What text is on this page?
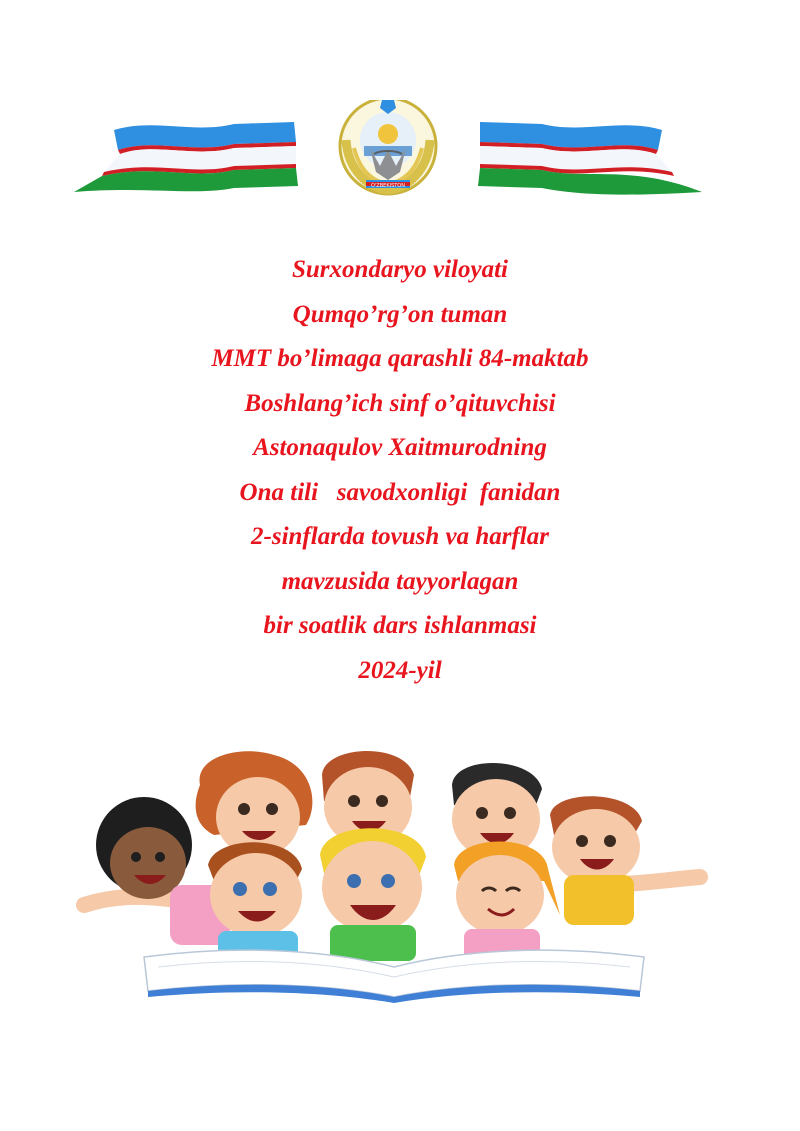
O'ZBEKISTON
Surxondaryo viloyati
Qumqo’rg’on tuman
MMT bo’limaga qarashli 84-maktab
Boshlang’ich sinf o’qituvchisi
Astonaqulov Xaitmurodning
Ona tili   savodxonligi  fanidan
2-sinflarda tovush va harflar
mavzusida tayyorlagan
bir soatlik dars ishlanmasi
2024-yil
